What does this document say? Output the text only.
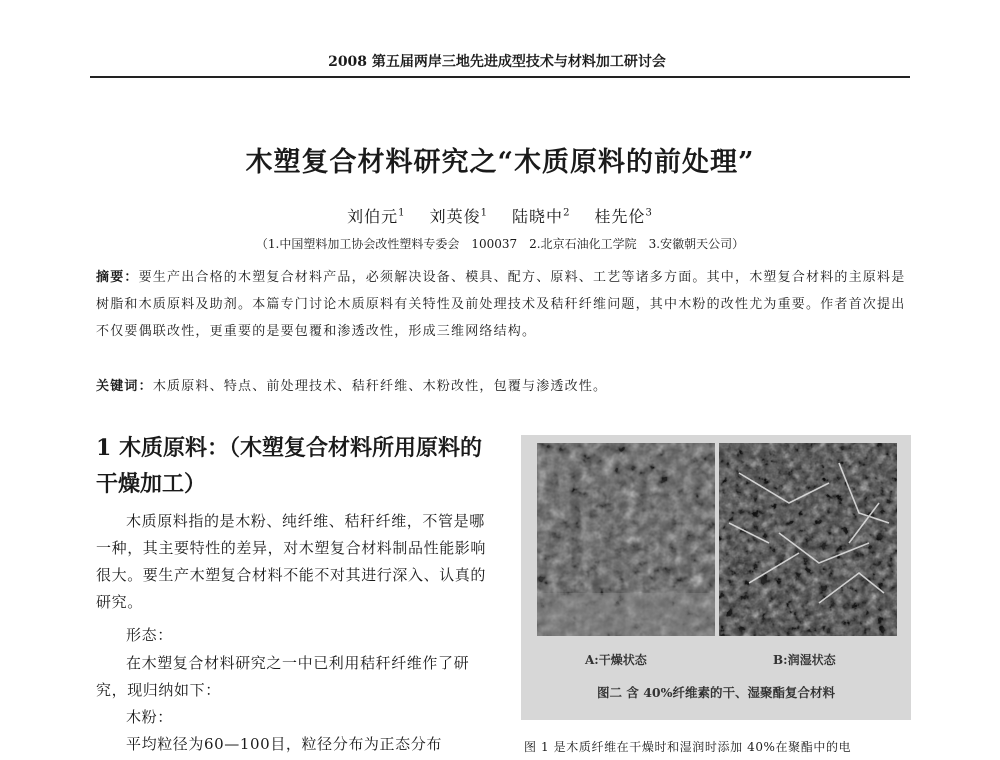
2008 第五届两岸三地先进成型技术与材料加工研讨会
木塑复合材料研究之“木质原料的前处理”
刘伯元$^1$ 刘英俊$^1$ 陆晓中$^2$ 桂先伦$^3$
（1.中国塑料加工协会改性塑料专委会　100037　2.北京石油化工学院　3.安徽朝天公司）
摘要：要生产出合格的木塑复合材料产品，必须解决设备、模具、配方、原料、工艺等诸多方面。其中，木塑复合材料的主原料是树脂和木质原料及助剂。本篇专门讨论木质原料有关特性及前处理技术及秸秆纤维问题，其中木粉的改性尤为重要。作者首次提出不仅要偶联改性，更重要的是要包覆和渗透改性，形成三维网络结构。
关键词：木质原料、特点、前处理技术、秸秆纤维、木粉改性，包覆与渗透改性。
1 木质原料：（木塑复合材料所用原料的干燥加工）
木质原料指的是木粉、纯纤维、秸秆纤维，不管是哪一种，其主要特性的差异，对木塑复合材料制品性能影响很大。要生产木塑复合材料不能不对其进行深入、认真的研究。
形态：
在木塑复合材料研究之一中已利用秸秆纤维作了研究，现归纳如下：
木粉：
平均粒径为60—100目，粒径分布为正态分布
A:干燥状态	B:润湿状态
图二 含 40%纤维素的干、湿聚酯复合材料
图 1 是木质纤维在干燥时和湿润时添加 40%在聚酯中的电
